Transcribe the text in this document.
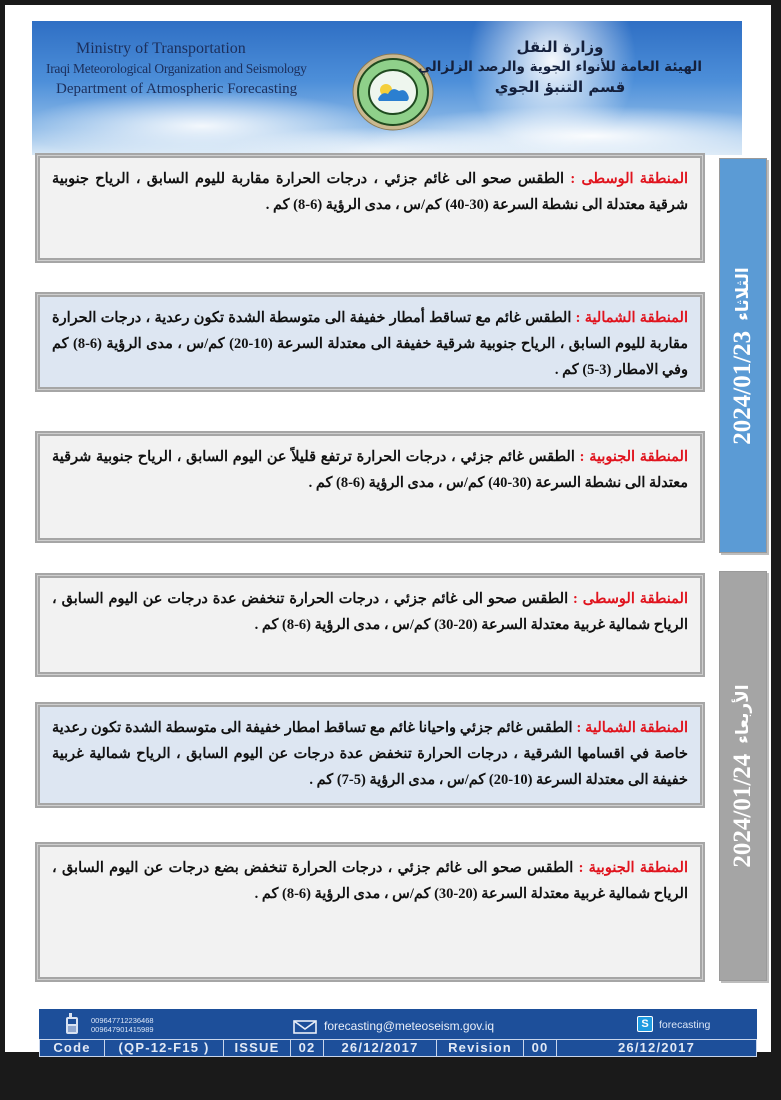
Ministry of Transportation
Iraqi Meteorological Organization and Seismology
Department of Atmospheric Forecasting
وزارة النقل
الهيئة العامة للأنواء الجوية والرصد الزلزالي
قسم التنبؤ الجوي
المنطقة الوسطى : الطقس صحو الى غائم جزئي ، درجات الحرارة مقاربة لليوم السابق ، الرياح جنوبية شرقية معتدلة الى نشطة السرعة (30-40) كم/س ، مدى الرؤية (6-8) كم .
المنطقة الشمالية : الطقس غائم مع تساقط أمطار خفيفة الى متوسطة الشدة تكون رعدية ، درجات الحرارة مقاربة لليوم السابق ، الرياح جنوبية شرقية خفيفة الى معتدلة السرعة (10-20) كم/س ، مدى الرؤية (6-8) كم وفي الامطار (3-5) كم .
المنطقة الجنوبية : الطقس غائم جزئي ، درجات الحرارة ترتفع قليلاً عن اليوم السابق ، الرياح جنوبية شرقية معتدلة الى نشطة السرعة (30-40) كم/س ، مدى الرؤية (6-8) كم .
2024/01/23
الثلاثاء
المنطقة الوسطى : الطقس صحو الى غائم جزئي ، درجات الحرارة تنخفض عدة درجات عن اليوم السابق ، الرياح شمالية غربية معتدلة السرعة (20-30) كم/س ، مدى الرؤية (6-8) كم .
المنطقة الشمالية : الطقس غائم جزئي واحيانا غائم مع تساقط امطار خفيفة الى متوسطة الشدة تكون رعدية خاصة في اقسامها الشرقية ، درجات الحرارة تنخفض عدة درجات عن اليوم السابق ، الرياح شمالية غربية خفيفة الى معتدلة السرعة (10-20) كم/س ، مدى الرؤية (5-7) كم .
المنطقة الجنوبية : الطقس صحو الى غائم جزئي ، درجات الحرارة تنخفض بضع درجات عن اليوم السابق ، الرياح شمالية غربية معتدلة السرعة (20-30) كم/س ، مدى الرؤية (6-8) كم .
2024/01/24
الأربعاء
009647712236468
009647901415989	forecasting@meteoseism.gov.iq	S forecasting
Code	(QP-12-F15 )	ISSUE	02	26/12/2017	Revision	00	26/12/2017
